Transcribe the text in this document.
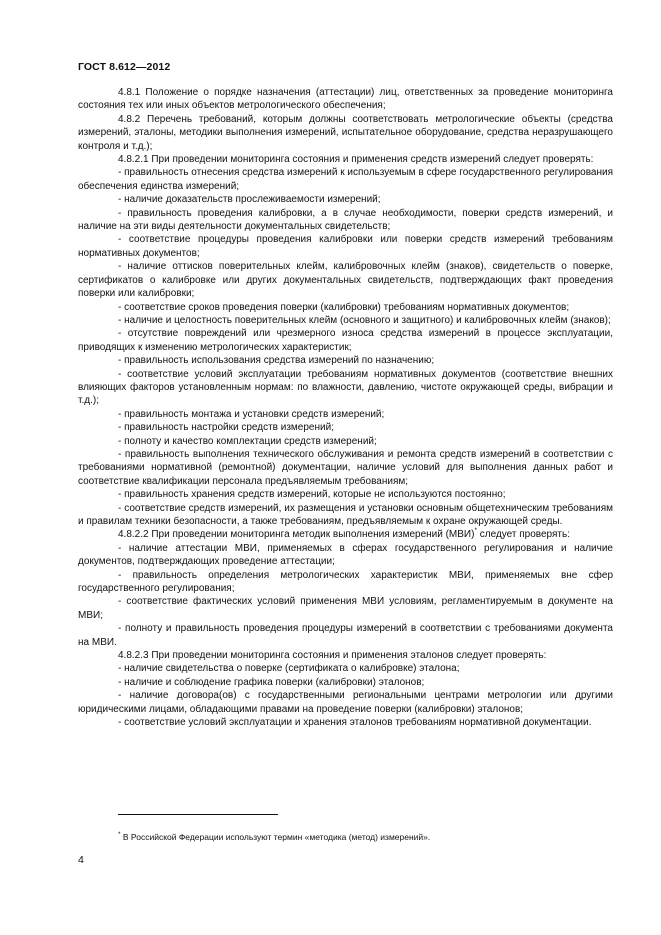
ГОСТ 8.612—2012

4.8.1 Положение о порядке назначения (аттестации) лиц, ответственных за проведение мониторинга состояния тех или иных объектов метрологического обеспечения;

4.8.2 Перечень требований, которым должны соответствовать метрологические объекты (средства измерений, эталоны, методики выполнения измерений, испытательное оборудование, средства неразрушающего контроля и т.д.);

4.8.2.1 При проведении мониторинга состояния и применения средств измерений следует проверять:

- правильность отнесения средства измерений к используемым в сфере государственного регулирования обеспечения единства измерений;

- наличие доказательств прослеживаемости измерений;

- правильность проведения калибровки, а в случае необходимости, поверки средств измерений, и наличие на эти виды деятельности документальных свидетельств;

- соответствие процедуры проведения калибровки или поверки средств измерений требованиям нормативных документов;

- наличие оттисков поверительных клейм, калибровочных клейм (знаков), свидетельств о поверке, сертификатов о калибровке или других документальных свидетельств, подтверждающих факт проведения поверки или калибровки;

- соответствие сроков проведения поверки (калибровки) требованиям нормативных документов;

- наличие и целостность поверительных клейм (основного и защитного) и калибровочных клейм (знаков);

- отсутствие повреждений или чрезмерного износа средства измерений в процессе эксплуатации, приводящих к изменению метрологических характеристик;

- правильность использования средства измерений по назначению;

- соответствие условий эксплуатации требованиям нормативных документов (соответствие внешних влияющих факторов установленным нормам: по влажности, давлению, чистоте окружающей среды, вибрации и т.д.);

- правильность монтажа и установки средств измерений;

- правильность настройки средств измерений;

- полноту и качество комплектации средств измерений;

- правильность выполнения технического обслуживания и ремонта средств измерений в соответствии с требованиями нормативной (ремонтной) документации, наличие условий для выполнения данных работ и соответствие квалификации персонала предъявляемым требованиям;

- правильность хранения средств измерений, которые не используются постоянно;

- соответствие средств измерений, их размещения и установки основным общетехническим требованиям и правилам техники безопасности, а также требованиям, предъявляемым к охране окружающей среды.

4.8.2.2 При проведении мониторинга методик выполнения измерений (МВИ)* следует проверять:

- наличие аттестации МВИ, применяемых в сферах государственного регулирования и наличие документов, подтверждающих проведение аттестации;

- правильность определения метрологических характеристик МВИ, применяемых вне сфер государственного регулирования;

- соответствие фактических условий применения МВИ условиям, регламентируемым в документе на МВИ;

- полноту и правильность проведения процедуры измерений в соответствии с требованиями документа на МВИ.

4.8.2.3 При проведении мониторинга состояния и применения эталонов следует проверять:

- наличие свидетельства о поверке (сертификата о калибровке) эталона;

- наличие и соблюдение графика поверки (калибровки) эталонов;

- наличие договора(ов) с государственными региональными центрами метрологии или другими юридическими лицами, обладающими правами на проведение поверки (калибровки) эталонов;

- соответствие условий эксплуатации и хранения эталонов требованиям нормативной документации.

* В Российской Федерации используют термин «методика (метод) измерений».
4
